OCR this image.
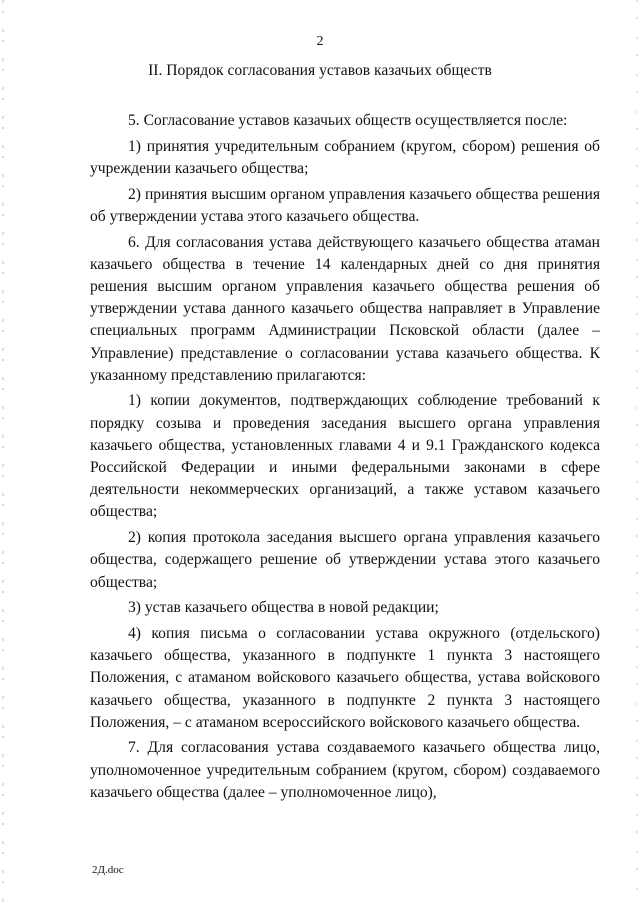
2
II. Порядок согласования уставов казачьих обществ

5. Согласование уставов казачьих обществ осуществляется после:

1) принятия учредительным собранием (кругом, сбором) решения об учреждении казачьего общества;

2) принятия высшим органом управления казачьего общества решения об утверждении устава этого казачьего общества.

6. Для согласования устава действующего казачьего общества атаман казачьего общества в течение 14 календарных дней со дня принятия решения высшим органом управления казачьего общества решения об утверждении устава данного казачьего общества направляет в Управление специальных программ Администрации Псковской области (далее – Управление) представление о согласовании устава казачьего общества. К указанному представлению прилагаются:

1) копии документов, подтверждающих соблюдение требований к порядку созыва и проведения заседания высшего органа управления казачьего общества, установленных главами 4 и 9.1 Гражданского кодекса Российской Федерации и иными федеральными законами в сфере деятельности некоммерческих организаций, а также уставом казачьего общества;

2) копия протокола заседания высшего органа управления казачьего общества, содержащего решение об утверждении устава этого казачьего общества;

3) устав казачьего общества в новой редакции;

4) копия письма о согласовании устава окружного (отдельского) казачьего общества, указанного в подпункте 1 пункта 3 настоящего Положения, с атаманом войскового казачьего общества, устава войскового казачьего общества, указанного в подпункте 2 пункта 3 настоящего Положения, – с атаманом всероссийского войскового казачьего общества.

7. Для согласования устава создаваемого казачьего общества лицо, уполномоченное учредительным собранием (кругом, сбором) создаваемого казачьего общества (далее – уполномоченное лицо),

2Д.doc
